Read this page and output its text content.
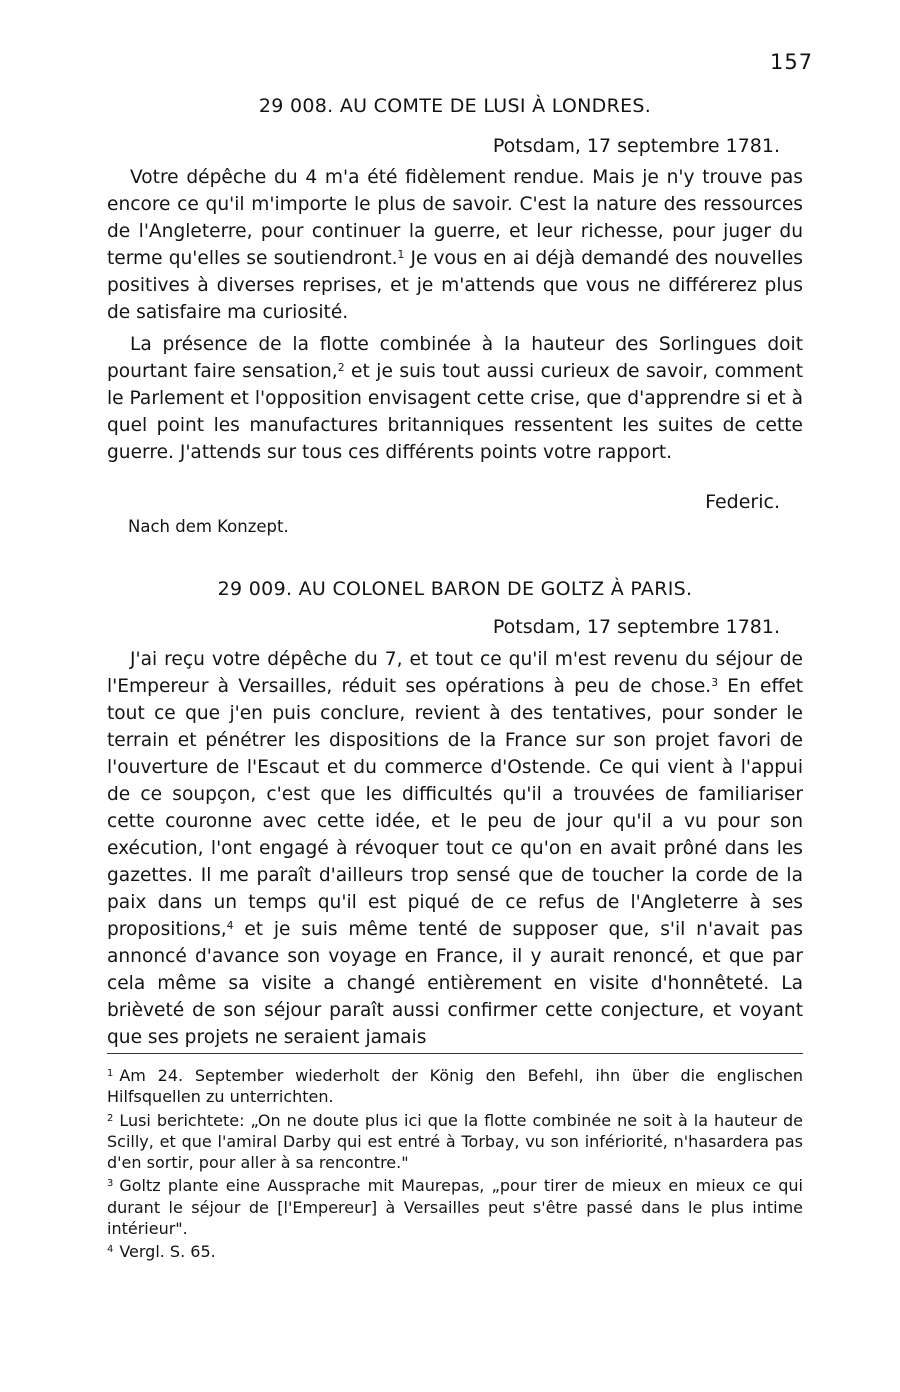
157
29 008. AU COMTE DE LUSI À LONDRES.
Potsdam, 17 septembre 1781.

Votre dépêche du 4 m'a été fidèlement rendue. Mais je n'y trouve pas encore ce qu'il m'importe le plus de savoir. C'est la nature des ressources de l'Angleterre, pour continuer la guerre, et leur richesse, pour juger du terme qu'elles se soutiendront.$^1$ Je vous en ai déjà demandé des nouvelles positives à diverses reprises, et je m'attends que vous ne différerez plus de satisfaire ma curiosité.

La présence de la flotte combinée à la hauteur des Sorlingues doit pourtant faire sensation,$^2$ et je suis tout aussi curieux de savoir, comment le Parlement et l'opposition envisagent cette crise, que d'apprendre si et à quel point les manufactures britanniques ressentent les suites de cette guerre. J'attends sur tous ces différents points votre rapport.

Federic.
Nach dem Konzept.
29 009. AU COLONEL BARON DE GOLTZ À PARIS.
Potsdam, 17 septembre 1781.

J'ai reçu votre dépêche du 7, et tout ce qu'il m'est revenu du séjour de l'Empereur à Versailles, réduit ses opérations à peu de chose.$^3$ En effet tout ce que j'en puis conclure, revient à des tentatives, pour sonder le terrain et pénétrer les dispositions de la France sur son projet favori de l'ouverture de l'Escaut et du commerce d'Ostende. Ce qui vient à l'appui de ce soupçon, c'est que les difficultés qu'il a trouvées de familiariser cette couronne avec cette idée, et le peu de jour qu'il a vu pour son exécution, l'ont engagé à révoquer tout ce qu'on en avait prôné dans les gazettes. Il me paraît d'ailleurs trop sensé que de toucher la corde de la paix dans un temps qu'il est piqué de ce refus de l'Angleterre à ses propositions,$^4$ et je suis même tenté de supposer que, s'il n'avait pas annoncé d'avance son voyage en France, il y aurait renoncé, et que par cela même sa visite a changé entièrement en visite d'honnêteté. La brièveté de son séjour paraît aussi confirmer cette conjecture, et voyant que ses projets ne seraient jamais

$^1$ Am 24. September wiederholt der König den Befehl, ihn über die englischen Hilfsquellen zu unterrichten.

$^2$ Lusi berichtete: „On ne doute plus ici que la flotte combinée ne soit à la hauteur de Scilly, et que l'amiral Darby qui est entré à Torbay, vu son infériorité, n'hasardera pas d'en sortir, pour aller à sa rencontre."

$^3$ Goltz plante eine Aussprache mit Maurepas, „pour tirer de mieux en mieux ce qui durant le séjour de [l'Empereur] à Versailles peut s'être passé dans le plus intime intérieur".

$^4$ Vergl. S. 65.
